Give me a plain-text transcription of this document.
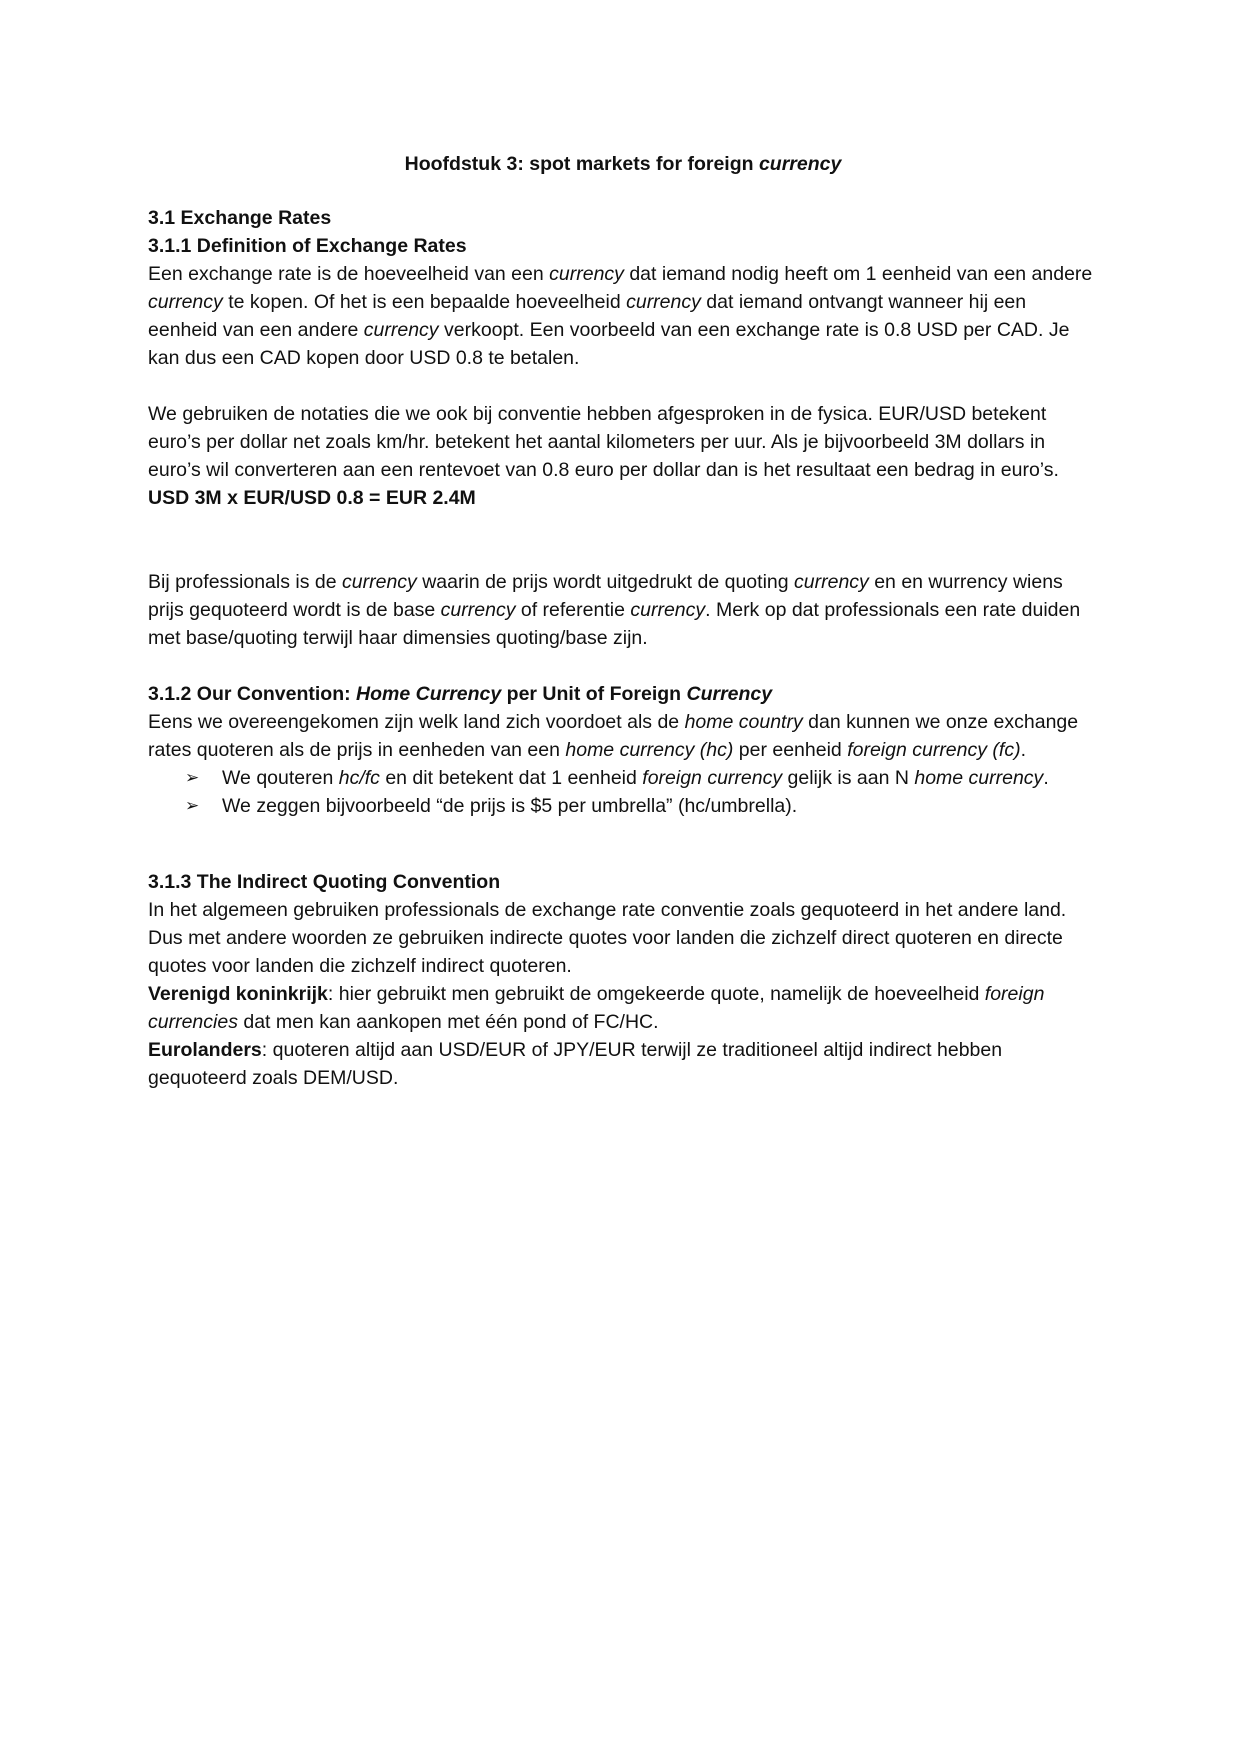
Hoofdstuk 3: spot markets for foreign currency
3.1 Exchange Rates
3.1.1 Definition of Exchange Rates

Een exchange rate is de hoeveelheid van een currency dat iemand nodig heeft om 1 eenheid van een andere currency te kopen. Of het is een bepaalde hoeveelheid currency dat iemand ontvangt wanneer hij een eenheid van een andere currency verkoopt. Een voorbeeld van een exchange rate is 0.8 USD per CAD. Je kan dus een CAD kopen door USD 0.8 te betalen.

We gebruiken de notaties die we ook bij conventie hebben afgesproken in de fysica. EUR/USD betekent euro’s per dollar net zoals km/hr. betekent het aantal kilometers per uur. Als je bijvoorbeeld 3M dollars in euro’s wil converteren aan een rentevoet van 0.8 euro per dollar dan is het resultaat een bedrag in euro’s. USD 3M x EUR/USD 0.8 = EUR 2.4M

Bij professionals is de currency waarin de prijs wordt uitgedrukt de quoting currency en en wurrency wiens prijs gequoteerd wordt is de base currency of referentie currency. Merk op dat professionals een rate duiden met base/quoting terwijl haar dimensies quoting/base zijn.

3.1.2 Our Convention: Home Currency per Unit of Foreign Currency

Eens we overeengekomen zijn welk land zich voordoet als de home country dan kunnen we onze exchange rates quoteren als de prijs in eenheden van een home currency (hc) per eenheid foreign currency (fc).

➢ We qouteren hc/fc en dit betekent dat 1 eenheid foreign currency gelijk is aan N home currency.
➢ We zeggen bijvoorbeeld “de prijs is $5 per umbrella” (hc/umbrella).
3.1.3 The Indirect Quoting Convention

In het algemeen gebruiken professionals de exchange rate conventie zoals gequoteerd in het andere land. Dus met andere woorden ze gebruiken indirecte quotes voor landen die zichzelf direct quoteren en directe quotes voor landen die zichzelf indirect quoteren.

Verenigd koninkrijk: hier gebruikt men gebruikt de omgekeerde quote, namelijk de hoeveelheid foreign currencies dat men kan aankopen met één pond of FC/HC.

Eurolanders: quoteren altijd aan USD/EUR of JPY/EUR terwijl ze traditioneel altijd indirect hebben gequoteerd zoals DEM/USD.
